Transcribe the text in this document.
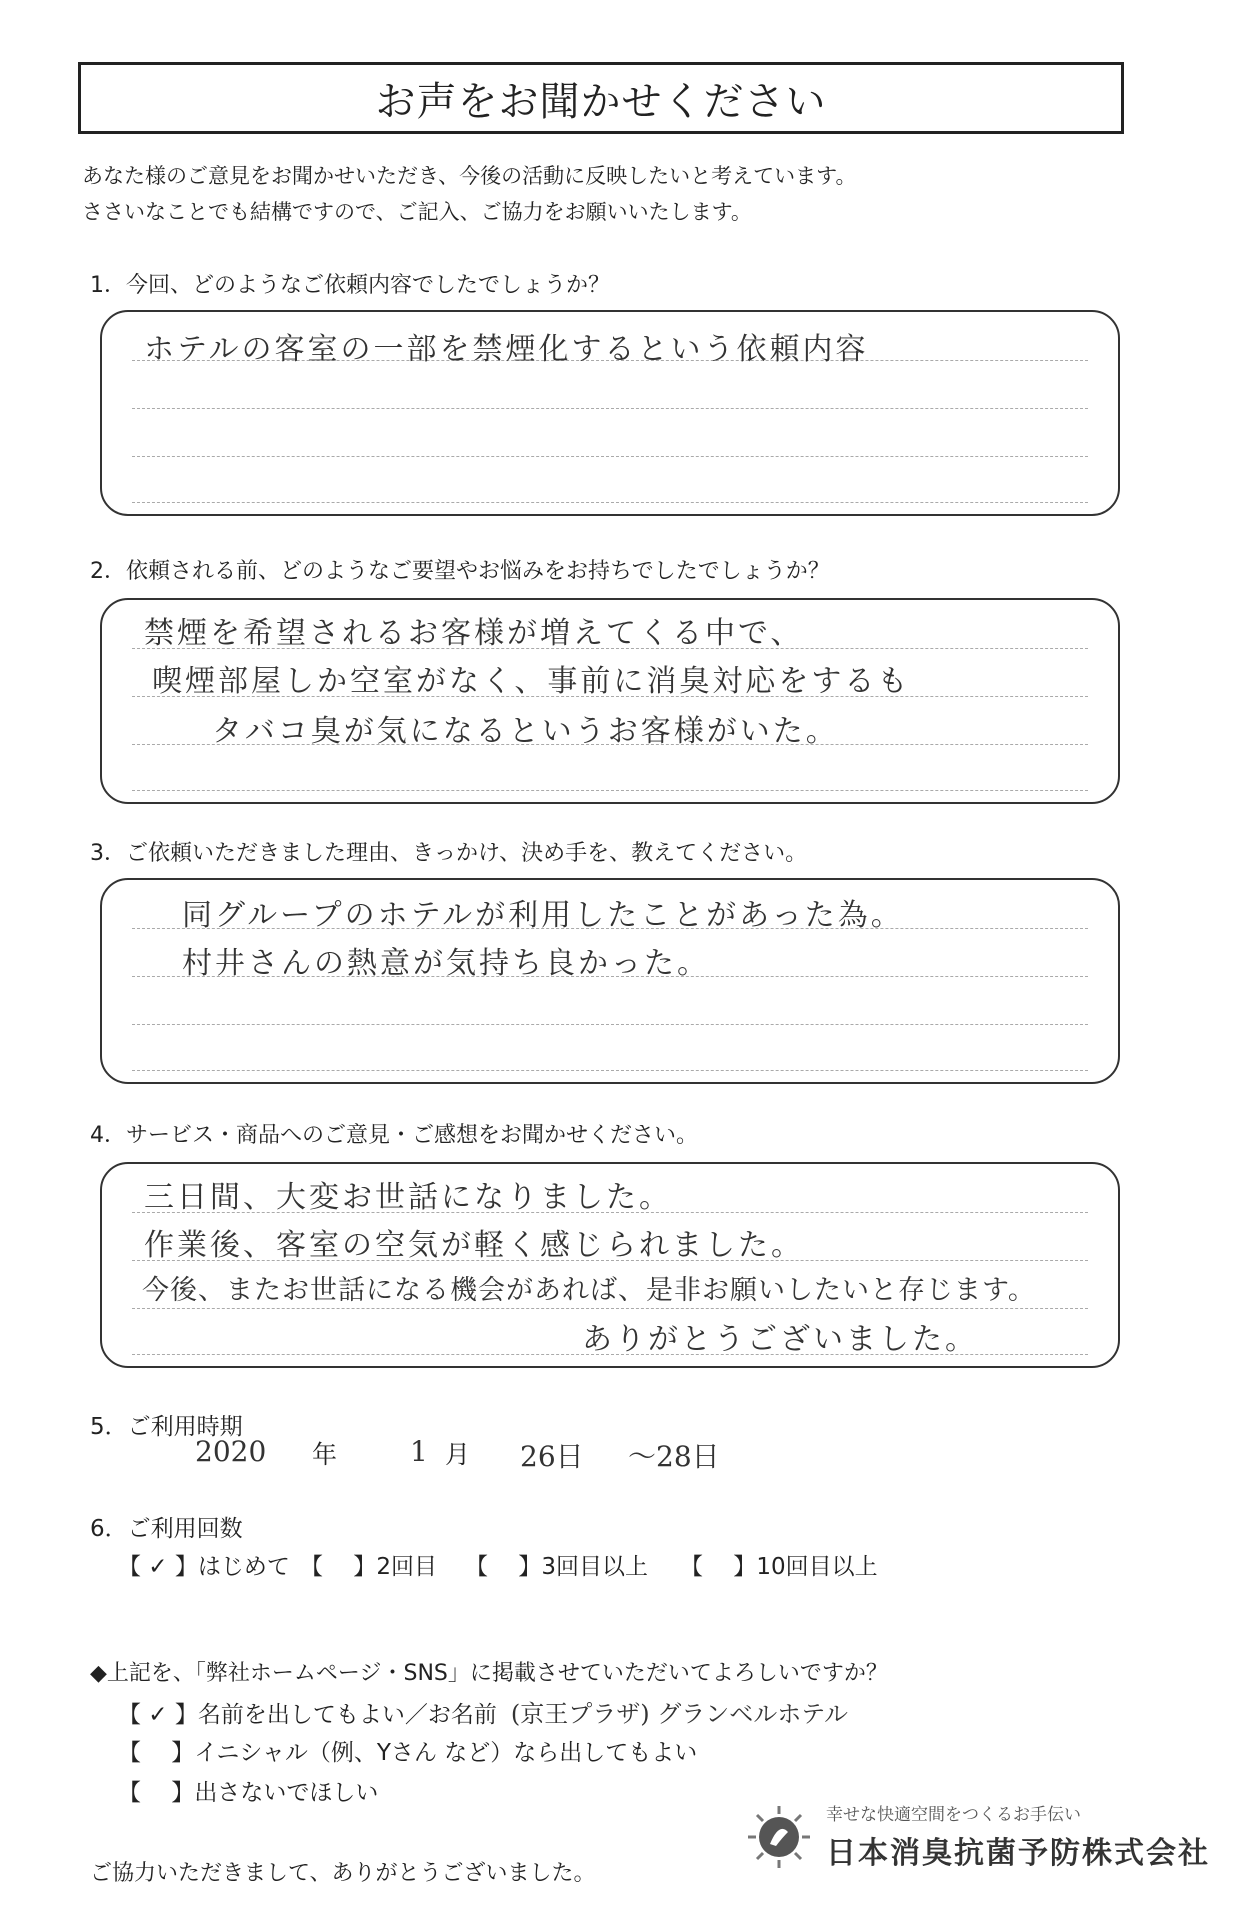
お声をお聞かせください
あなた様のご意見をお聞かせいただき、今後の活動に反映したいと考えています。
ささいなことでも結構ですので、ご記入、ご協力をお願いいたします。
1．今回、どのようなご依頼内容でしたでしょうか？
ホテルの客室の一部を禁煙化するという依頼内容
2．依頼される前、どのようなご要望やお悩みをお持ちでしたでしょうか？
禁煙を希望されるお客様が増えてくる中で、
喫煙部屋しか空室がなく、事前に消臭対応をするも
タバコ臭が気になるというお客様がいた。
3．ご依頼いただきました理由、きっかけ、決め手を、教えてください。
同グループのホテルが利用したことがあった為。
村井さんの熱意が気持ち良かった。
4．サービス・商品へのご意見・ご感想をお聞かせください。
三日間、大変お世話になりました。
作業後、客室の空気が軽く感じられました。
今後、またお世話になる機会があれば、是非お願いしたいと存じます。
ありがとうございました。
5．ご利用時期
2020 年	1 月 26日 ～28日
6．ご利用回数
【 ✓ 】はじめて 【　 】2回目 【　 】3回目以上 【　 】10回目以上
◆上記を、「弊社ホームページ・SNS」に掲載させていただいてよろしいですか？
【 ✓ 】名前を出してもよい／お名前 (京王プラザ) グランベルホテル
【　 】イニシャル（例、Yさん など）なら出してもよい
【　 】出さないでほしい
ご協力いただきまして、ありがとうございました。
幸せな快適空間をつくるお手伝い
日本消臭抗菌予防株式会社
